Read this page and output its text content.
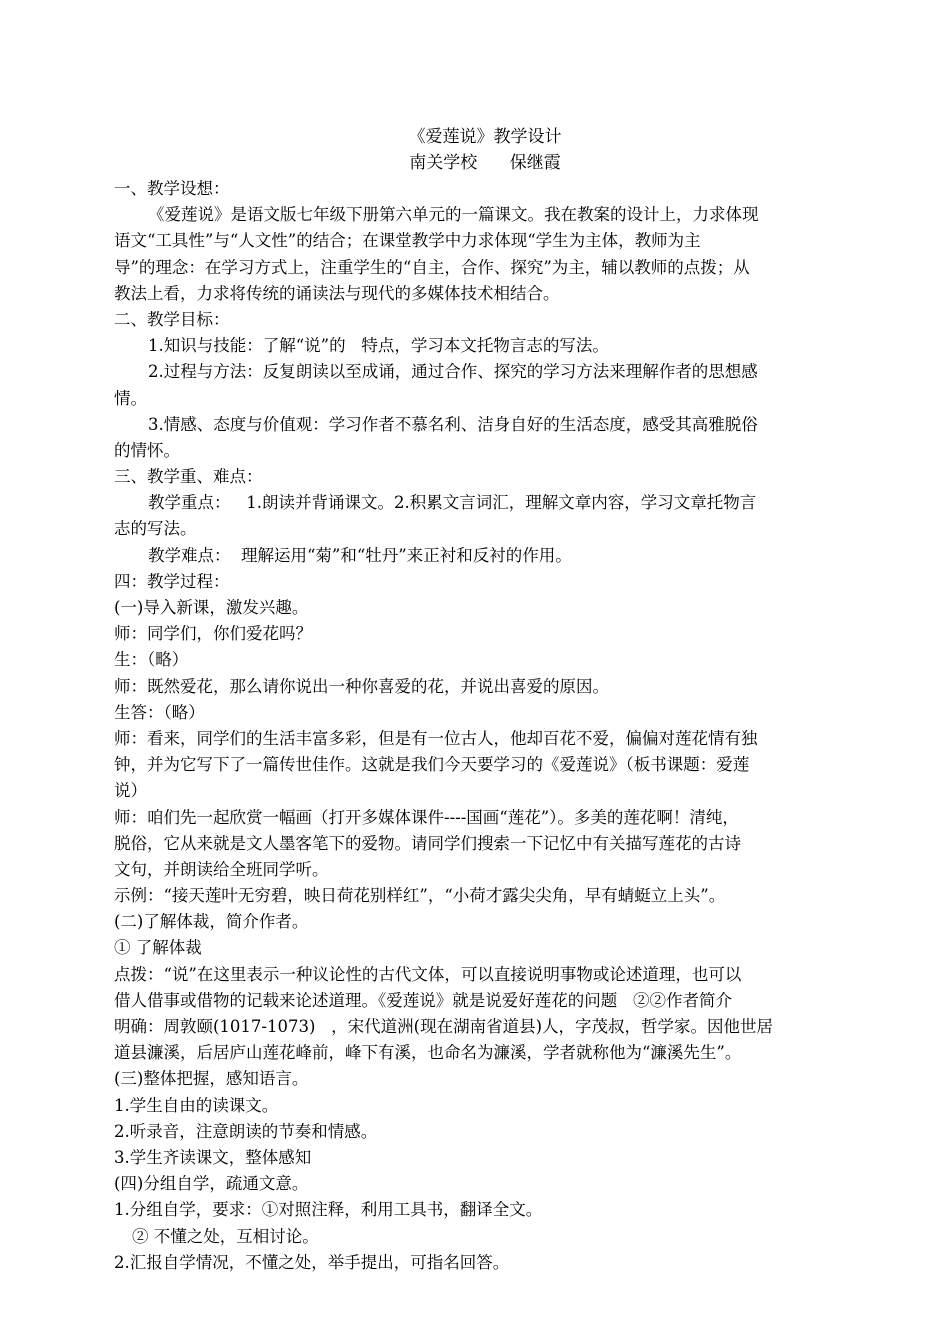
《爱莲说》教学设计
南关学校      保继霞
一、教学设想：
《爱莲说》是语文版七年级下册第六单元的一篇课文。我在教案的设计上，力求体现
语文“工具性”与“人文性”的结合；在课堂教学中力求体现“学生为主体，教师为主
导”的理念：在学习方式上，注重学生的“自主，合作、探究”为主，辅以教师的点拨；从
教法上看，力求将传统的诵读法与现代的多媒体技术相结合。
二、教学目标：
1.知识与技能：了解“说”的   特点，学习本文托物言志的写法。
2.过程与方法：反复朗读以至成诵，通过合作、探究的学习方法来理解作者的思想感
情。
3.情感、态度与价值观：学习作者不慕名利、洁身自好的生活态度，感受其高雅脱俗
的情怀。
三、教学重、难点：
教学重点：   1.朗读并背诵课文。2.积累文言词汇，理解文章内容，学习文章托物言
志的写法。
教学难点：  理解运用“菊”和“牡丹”来正衬和反衬的作用。
四：教学过程：
(一)导入新课，激发兴趣。
师：同学们，你们爱花吗？
生：（略）
师：既然爱花，那么请你说出一种你喜爱的花，并说出喜爱的原因。
生答：（略）
师：看来，同学们的生活丰富多彩，但是有一位古人，他却百花不爱，偏偏对莲花情有独
钟，并为它写下了一篇传世佳作。这就是我们今天要学习的《爱莲说》（板书课题：爱莲
说）
师：咱们先一起欣赏一幅画（打开多媒体课件----国画“莲花”）。多美的莲花啊！清纯，
脱俗，它从来就是文人墨客笔下的爱物。请同学们搜索一下记忆中有关描写莲花的古诗
文句，并朗读给全班同学听。
示例：“接天莲叶无穷碧，映日荷花别样红”，“小荷才露尖尖角，早有蜻蜓立上头”。
(二)了解体裁，简介作者。
① 了解体裁
点拨：“说”在这里表示一种议论性的古代文体，可以直接说明事物或论述道理，也可以
借人借事或借物的记载来论述道理。《爱莲说》就是说爱好莲花的问题   ②②作者简介
明确：周敦颐(1017-1073)   ，宋代道洲(现在湖南省道县)人，字茂叔，哲学家。因他世居
道县濂溪，后居庐山莲花峰前，峰下有溪，也命名为濂溪，学者就称他为“濂溪先生”。
(三)整体把握，感知语言。
1.学生自由的读课文。
2.听录音，注意朗读的节奏和情感。
3.学生齐读课文，整体感知
(四)分组自学，疏通文意。
1.分组自学，要求：①对照注释，利用工具书，翻译全文。
② 不懂之处，互相讨论。
2.汇报自学情况，不懂之处，举手提出，可指名回答。
